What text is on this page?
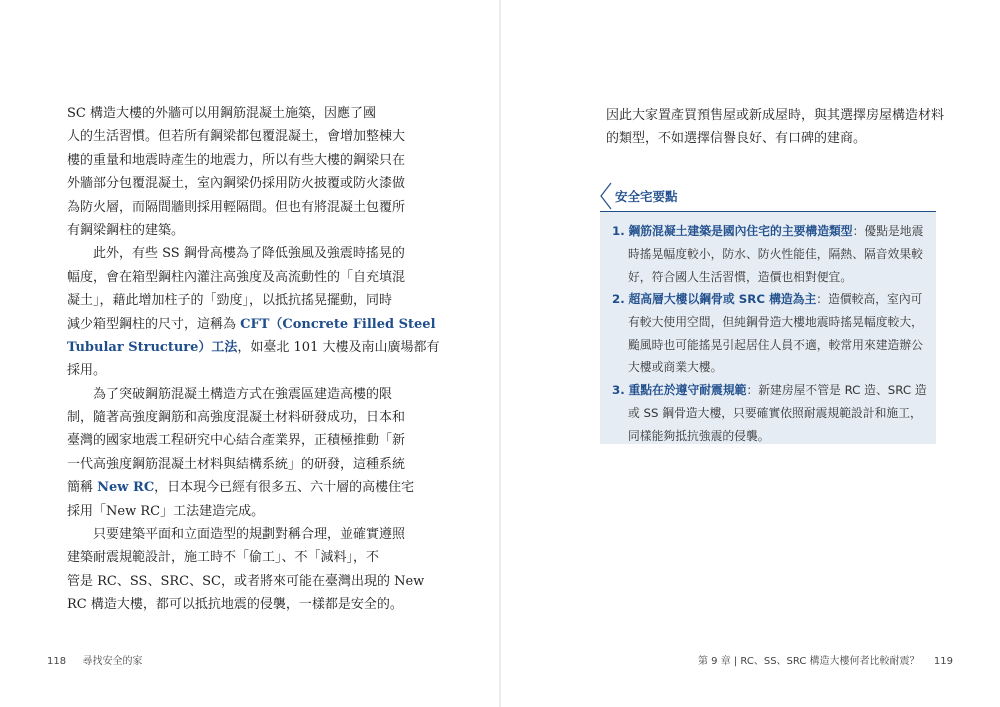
SC 構造大樓的外牆可以用鋼筋混凝土施築，因應了國
人的生活習慣。但若所有鋼梁都包覆混凝土，會增加整棟大
樓的重量和地震時產生的地震力，所以有些大樓的鋼梁只在
外牆部分包覆混凝土，室內鋼梁仍採用防火披覆或防火漆做
為防火層，而隔間牆則採用輕隔間。但也有將混凝土包覆所
有鋼梁鋼柱的建築。
此外，有些 SS 鋼骨高樓為了降低強風及強震時搖晃的
幅度，會在箱型鋼柱內灌注高強度及高流動性的「自充填混
凝土」，藉此增加柱子的「勁度」，以抵抗搖晃擺動，同時
減少箱型鋼柱的尺寸，這稱為 CFT（Concrete Filled Steel
Tubular Structure）工法，如臺北 101 大樓及南山廣場都有
採用。
為了突破鋼筋混凝土構造方式在強震區建造高樓的限
制，隨著高強度鋼筋和高強度混凝土材料研發成功，日本和
臺灣的國家地震工程研究中心結合產業界，正積極推動「新
一代高強度鋼筋混凝土材料與結構系統」的研發，這種系統
簡稱 New RC，日本現今已經有很多五、六十層的高樓住宅
採用「New RC」工法建造完成。
只要建築平面和立面造型的規劃對稱合理，並確實遵照
建築耐震規範設計，施工時不「偷工」、不「減料」，不
管是 RC、SS、SRC、SC，或者將來可能在臺灣出現的 New
RC 構造大樓，都可以抵抗地震的侵襲，一樣都是安全的。
118 尋找安全的家
因此大家置產買預售屋或新成屋時，與其選擇房屋構造材料
的類型，不如選擇信譽良好、有口碑的建商。
安全宅要點
1. 鋼筋混凝土建築是國內住宅的主要構造類型：優點是地震
時搖晃幅度較小，防水、防火性能佳，隔熱、隔音效果較
好，符合國人生活習慣，造價也相對便宜。
2. 超高層大樓以鋼骨或 SRC 構造為主：造價較高，室內可
有較大使用空間，但純鋼骨造大樓地震時搖晃幅度較大，
颱風時也可能搖晃引起居住人員不適，較常用來建造辦公
大樓或商業大樓。
3. 重點在於遵守耐震規範：新建房屋不管是 RC 造、SRC 造
或 SS 鋼骨造大樓，只要確實依照耐震規範設計和施工，
同樣能夠抵抗強震的侵襲。
第 9 章 | RC、SS、SRC 構造大樓何者比較耐震？ 119
